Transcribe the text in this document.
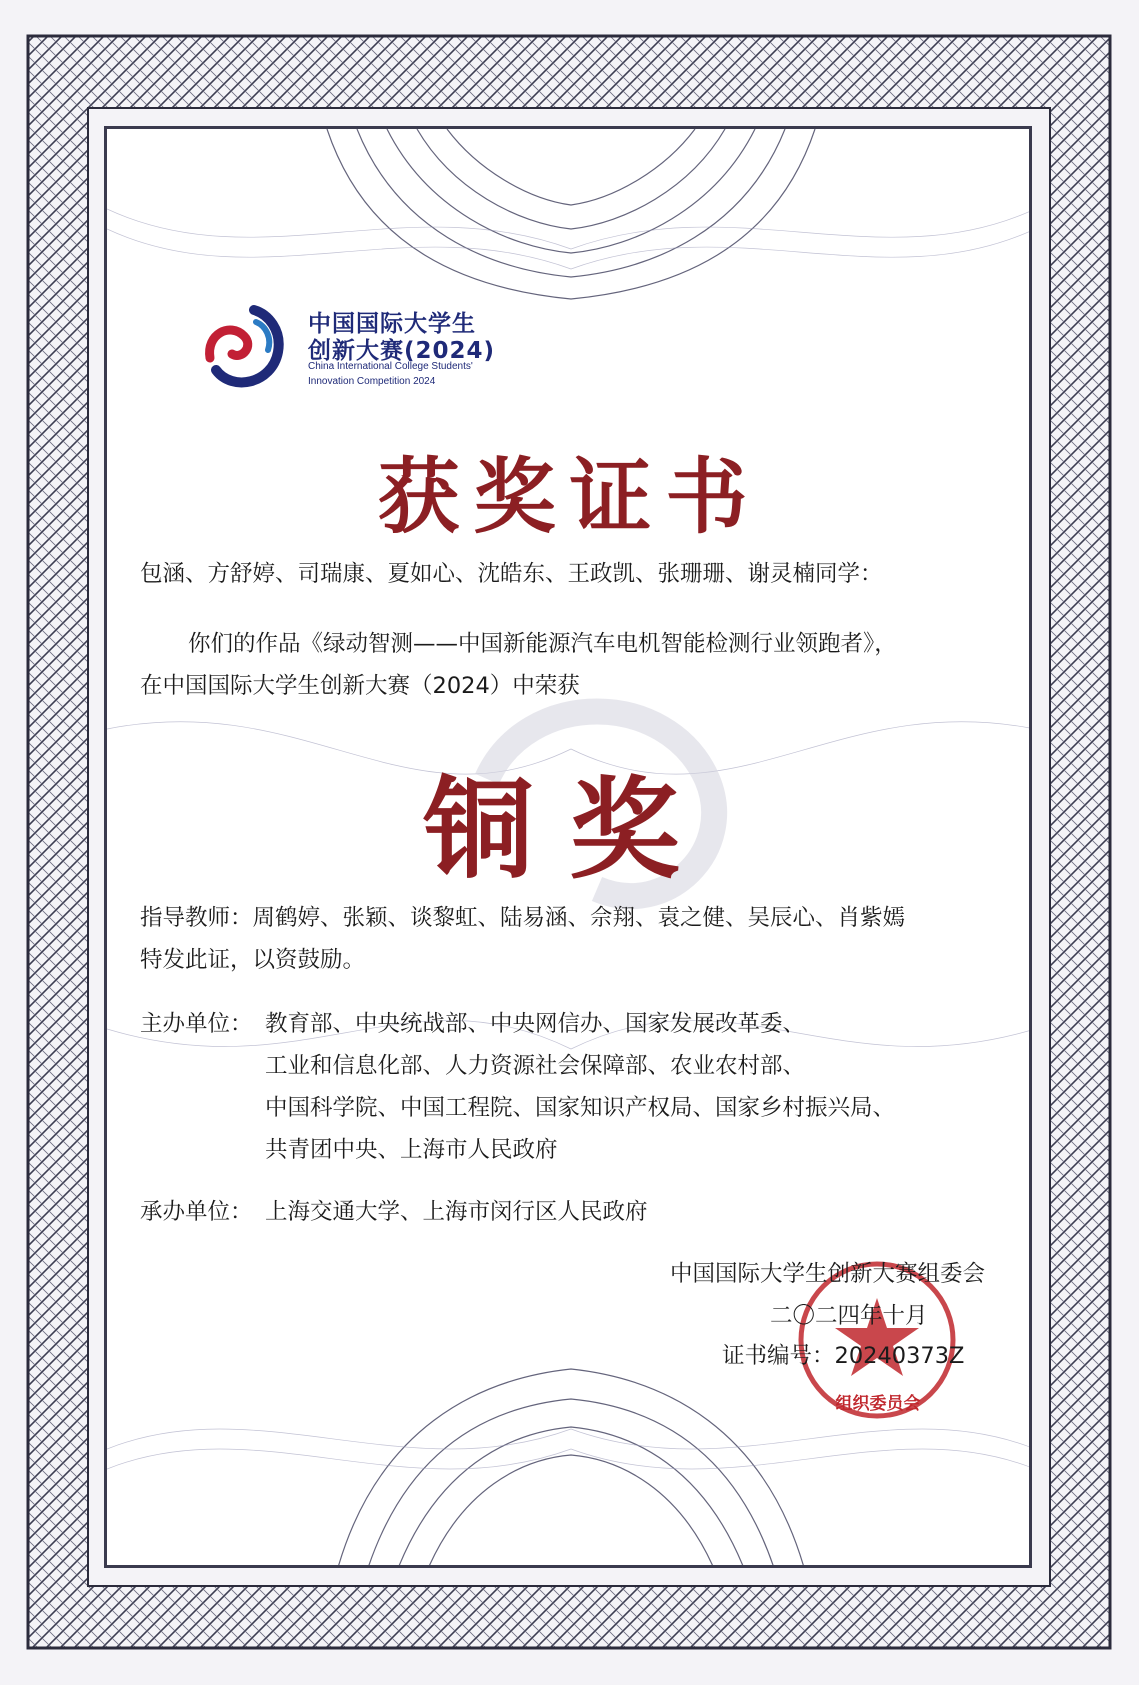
中国国际大学生
创新大赛(2024)
China International College Students'
Innovation Competition 2024
获奖证书
包涵、方舒婷、司瑞康、夏如心、沈皓东、王政凯、张珊珊、谢灵楠同学：
你们的作品《绿动智测——中国新能源汽车电机智能检测行业领跑者》，
在中国国际大学生创新大赛（2024）中荣获
铜奖
指导教师：周鹤婷、张颖、谈黎虹、陆易涵、佘翔、袁之健、吴辰心、肖紫嫣
特发此证，以资鼓励。
主办单位： 教育部、中央统战部、中央网信办、国家发展改革委、
工业和信息化部、人力资源社会保障部、农业农村部、
中国科学院、中国工程院、国家知识产权局、国家乡村振兴局、
共青团中央、上海市人民政府
承办单位： 上海交通大学、上海市闵行区人民政府
中国国际大学生创新大赛组委会
二〇二四年十月
证书编号：2024037​3Z
组织委员会
